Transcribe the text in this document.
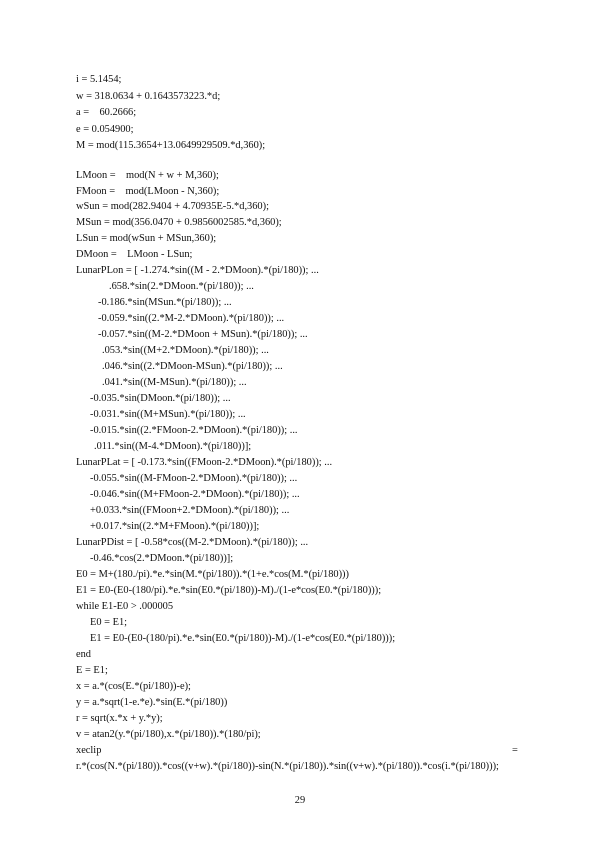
i = 5.1454;
w = 318.0634 + 0.1643573223.*d;
a =    60.2666;
e = 0.054900;
M = mod(115.3654+13.0649929509.*d,360);
LMoon =    mod(N + w + M,360);
FMoon =    mod(LMoon - N,360);
wSun = mod(282.9404 + 4.70935E-5.*d,360);
MSun = mod(356.0470 + 0.9856002585.*d,360);
LSun = mod(wSun + MSun,360);
DMoon =    LMoon - LSun;
LunarPLon = [ -1.274.*sin((M - 2.*DMoon).*(pi/180)); ...
.658.*sin(2.*DMoon.*(pi/180)); ...
-0.186.*sin(MSun.*(pi/180)); ...
-0.059.*sin((2.*M-2.*DMoon).*(pi/180)); ...
-0.057.*sin((M-2.*DMoon + MSun).*(pi/180)); ...
.053.*sin((M+2.*DMoon).*(pi/180)); ...
.046.*sin((2.*DMoon-MSun).*(pi/180)); ...
.041.*sin((M-MSun).*(pi/180)); ...
-0.035.*sin(DMoon.*(pi/180)); ...
-0.031.*sin((M+MSun).*(pi/180)); ...
-0.015.*sin((2.*FMoon-2.*DMoon).*(pi/180)); ...
.011.*sin((M-4.*DMoon).*(pi/180))];
LunarPLat = [ -0.173.*sin((FMoon-2.*DMoon).*(pi/180)); ...
-0.055.*sin((M-FMoon-2.*DMoon).*(pi/180)); ...
-0.046.*sin((M+FMoon-2.*DMoon).*(pi/180)); ...
+0.033.*sin((FMoon+2.*DMoon).*(pi/180)); ...
+0.017.*sin((2.*M+FMoon).*(pi/180))];
LunarPDist = [ -0.58*cos((M-2.*DMoon).*(pi/180)); ...
-0.46.*cos(2.*DMoon.*(pi/180))];
E0 = M+(180./pi).*e.*sin(M.*(pi/180)).*(1+e.*cos(M.*(pi/180)))
E1 = E0-(E0-(180/pi).*e.*sin(E0.*(pi/180))-M)./(1-e*cos(E0.*(pi/180)));
while E1-E0 > .000005
E0 = E1;
E1 = E0-(E0-(180/pi).*e.*sin(E0.*(pi/180))-M)./(1-e*cos(E0.*(pi/180)));
end
E = E1;
x = a.*(cos(E.*(pi/180))-e);
y = a.*sqrt(1-e.*e).*sin(E.*(pi/180))
r = sqrt(x.*x + y.*y);
v = atan2(y.*(pi/180),x.*(pi/180)).*(180/pi);
xeclip	=
r.*(cos(N.*(pi/180)).*cos((v+w).*(pi/180))-sin(N.*(pi/180)).*sin((v+w).*(pi/180)).*cos(i.*(pi/180)));
29
